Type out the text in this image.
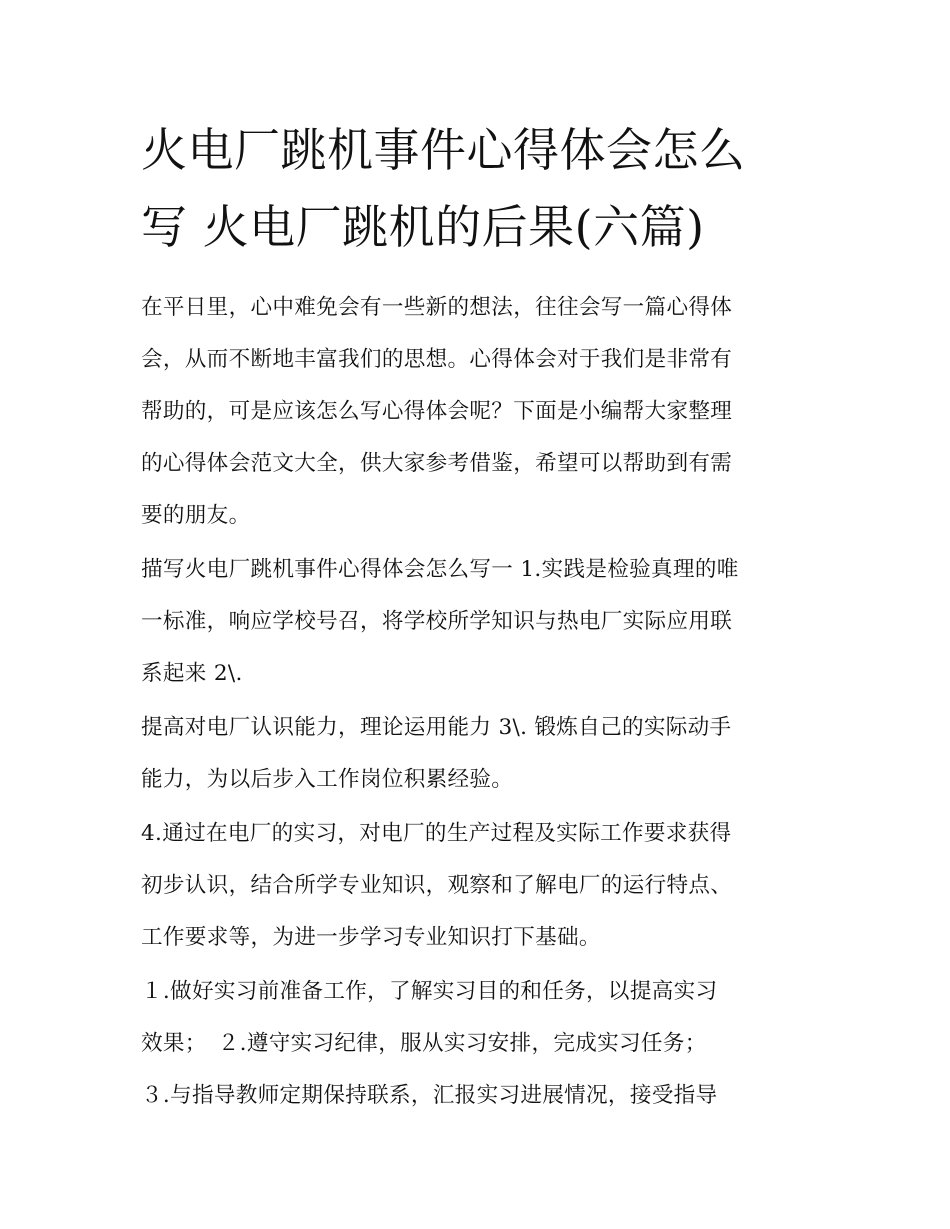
火电厂跳机事件心得体会怎么
写 火电厂跳机的后果(六篇)

在平日里，心中难免会有一些新的想法，往往会写一篇心得体
会，从而不断地丰富我们的思想。心得体会对于我们是非常有
帮助的，可是应该怎么写心得体会呢？下面是小编帮大家整理
的心得体会范文大全，供大家参考借鉴，希望可以帮助到有需
要的朋友。

描写火电厂跳机事件心得体会怎么写一 1.实践是检验真理的唯
一标准，响应学校号召，将学校所学知识与热电厂实际应用联
系起来 2\.

提高对电厂认识能力，理论运用能力 3\. 锻炼自己的实际动手
能力，为以后步入工作岗位积累经验。

4.通过在电厂的实习，对电厂的生产过程及实际工作要求获得
初步认识，结合所学专业知识，观察和了解电厂的运行特点、
工作要求等，为进一步学习专业知识打下基础。

１.做好实习前准备工作，了解实习目的和任务，以提高实习
效果；　２.遵守实习纪律，服从实习安排，完成实习任务；
３.与指导教师定期保持联系，汇报实习进展情况，接受指导
